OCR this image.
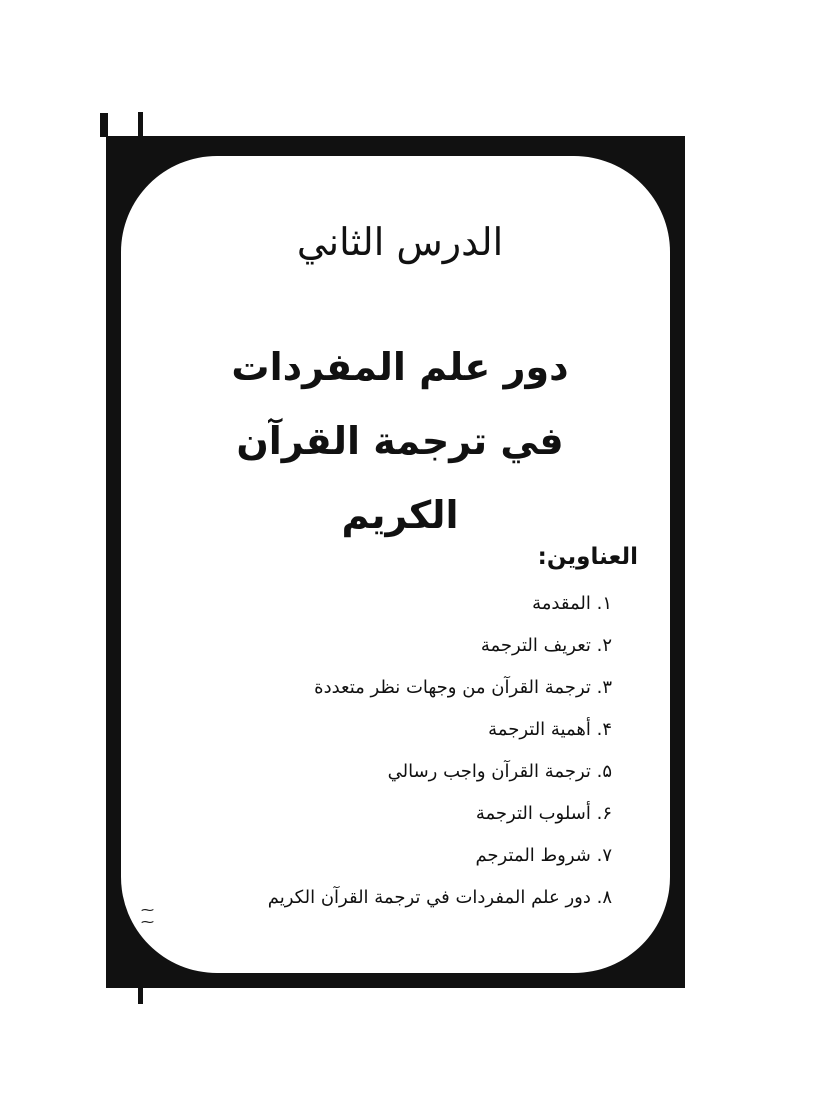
⁓
⁓
الدرس الثاني
دور علم المفردات
في ترجمة القرآن الكريم
العناوين:
١. المقدمة
٢. تعريف الترجمة
٣. ترجمة القرآن من وجهات نظر متعددة
۴. أهمية الترجمة
۵. ترجمة القرآن واجب رسالي
۶. أسلوب الترجمة
٧. شروط المترجم
٨. دور علم المفردات في ترجمة القرآن الكريم
